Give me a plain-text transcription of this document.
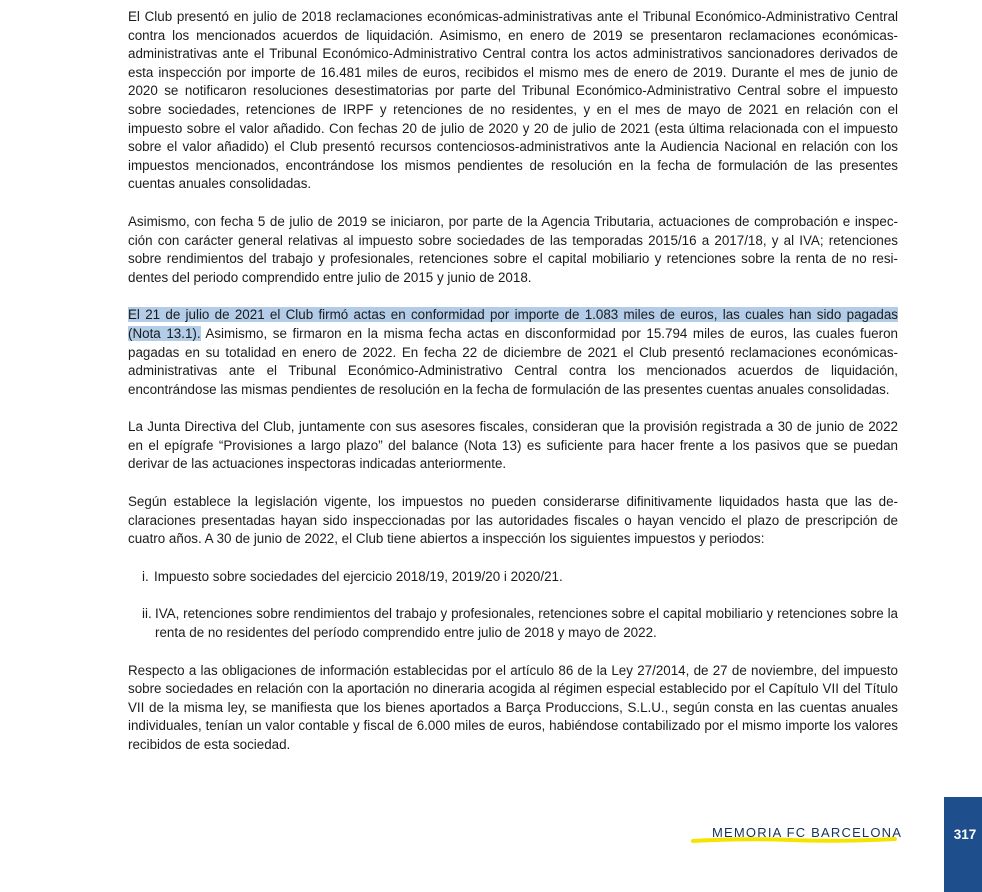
El Club presentó en julio de 2018 reclamaciones económicas-administrativas ante el Tribunal Económico-Administrativo Central contra los mencionados acuerdos de liquidación. Asimismo, en enero de 2019 se presentaron reclamaciones económicas-administrativas ante el Tribunal Económico-Administrativo Central contra los actos administrativos sancionadores derivados de esta inspección por importe de 16.481 miles de euros, recibidos el mismo mes de enero de 2019. Durante el mes de junio de 2020 se notificaron resoluciones desestimatorias por parte del Tribunal Económico-Administrativo Central sobre el impuesto sobre sociedades, retenciones de IRPF y retenciones de no residentes, y en el mes de mayo de 2021 en relación con el impuesto sobre el valor añadido. Con fechas 20 de julio de 2020 y 20 de julio de 2021 (esta última relacionada con el impuesto sobre el valor añadido) el Club presentó recursos contenciosos-administrativos ante la Audiencia Nacional en relación con los impuestos mencionados, encontrándose los mismos pendientes de resolución en la fecha de formulación de las presentes cuentas anuales consolidadas.

Asimismo, con fecha 5 de julio de 2019 se iniciaron, por parte de la Agencia Tributaria, actuaciones de comprobación e inspección con carácter general relativas al impuesto sobre sociedades de las temporadas 2015/16 a 2017/18, y al IVA; retenciones sobre rendimientos del trabajo y profesionales, retenciones sobre el capital mobiliario y retenciones sobre la renta de no residentes del periodo comprendido entre julio de 2015 y junio de 2018.

El 21 de julio de 2021 el Club firmó actas en conformidad por importe de 1.083 miles de euros, las cuales han sido pagadas (Nota 13.1). Asimismo, se firmaron en la misma fecha actas en disconformidad por 15.794 miles de euros, las cuales fueron pagadas en su totalidad en enero de 2022. En fecha 22 de diciembre de 2021 el Club presentó reclamaciones económicas-administrativas ante el Tribunal Económico-Administrativo Central contra los mencionados acuerdos de liquidación, encontrándose las mismas pendientes de resolución en la fecha de formulación de las presentes cuentas anuales consolidadas.

La Junta Directiva del Club, juntamente con sus asesores fiscales, consideran que la provisión registrada a 30 de junio de 2022 en el epígrafe “Provisiones a largo plazo” del balance (Nota 13) es suficiente para hacer frente a los pasivos que se puedan derivar de las actuaciones inspectoras indicadas anteriormente.

Según establece la legislación vigente, los impuestos no pueden considerarse difinitivamente liquidados hasta que las declaraciones presentadas hayan sido inspeccionadas por las autoridades fiscales o hayan vencido el plazo de prescripción de cuatro años. A 30 de junio de 2022, el Club tiene abiertos a inspección los siguientes impuestos y periodos:

i. Impuesto sobre sociedades del ejercicio 2018/19, 2019/20 i 2020/21.
ii. IVA, retenciones sobre rendimientos del trabajo y profesionales, retenciones sobre el capital mobiliario y retenciones sobre la renta de no residentes del período comprendido entre julio de 2018 y mayo de 2022.

Respecto a las obligaciones de información establecidas por el artículo 86 de la Ley 27/2014, de 27 de noviembre, del impuesto sobre sociedades en relación con la aportación no dineraria acogida al régimen especial establecido por el Capítulo VII del Título VII de la misma ley, se manifiesta que los bienes aportados a Barça Produccions, S.L.U., según consta en las cuentas anuales individuales, tenían un valor contable y fiscal de 6.000 miles de euros, habiéndose contabilizado por el mismo importe los valores recibidos de esta sociedad.

MEMORIA FC BARCELONA	317
